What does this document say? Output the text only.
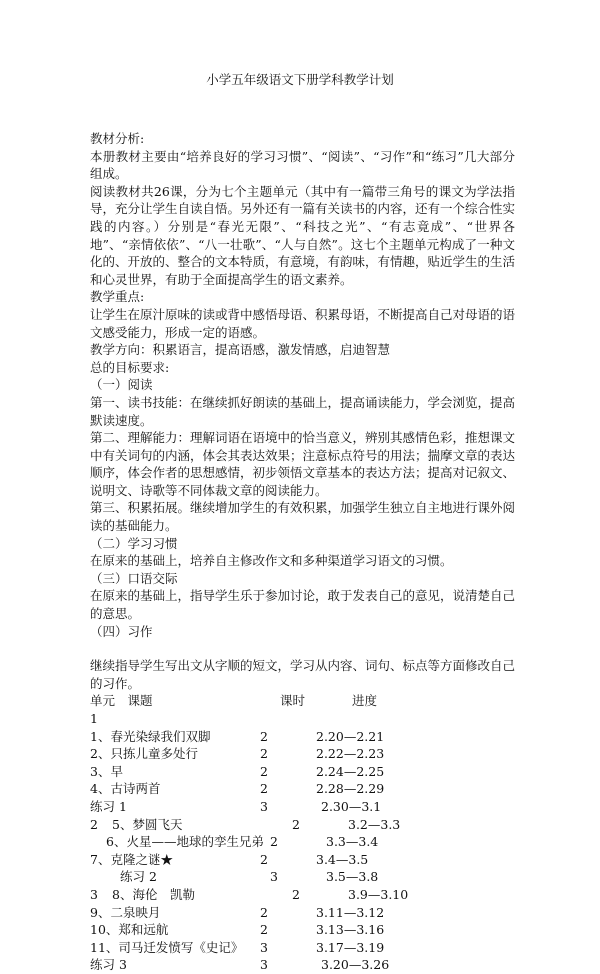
小学五年级语文下册学科教学计划

教材分析:

本册教材主要由“培养良好的学习习惯”、“阅读”、“习作”和“练习”几大部分组成。

阅读教材共26课，分为七个主题单元（其中有一篇带三角号的课文为学法指导，充分让学生自读自悟。另外还有一篇有关读书的内容，还有一个综合性实践的内容。）分别是“春光无限”、“科技之光”、“有志竟成”、“世界各地”、“亲情依依”、“八一壮歌”、“人与自然”。这七个主题单元构成了一种文化的、开放的、整合的文本特质，有意境，有韵味，有情趣，贴近学生的生活和心灵世界，有助于全面提高学生的语文素养。

教学重点:

让学生在原汁原味的读或背中感悟母语、积累母语，不断提高自己对母语的语文感受能力，形成一定的语感。

教学方向：积累语言，提高语感，激发情感，启迪智慧

总的目标要求:

（一）阅读

第一、读书技能：在继续抓好朗读的基础上，提高诵读能力，学会浏览，提高默读速度。

第二、理解能力：理解词语在语境中的恰当意义，辨别其感情色彩，推想课文中有关词句的内涵，体会其表达效果；注意标点符号的用法；揣摩文章的表达顺序，体会作者的思想感情，初步领悟文章基本的表达方法；提高对记叙文、说明文、诗歌等不同体裁文章的阅读能力。

第三、积累拓展。继续增加学生的有效积累，加强学生独立自主地进行课外阅读的基础能力。

（二）学习习惯

在原来的基础上，培养自主修改作文和多种渠道学习语文的习惯。

（三）口语交际

在原来的基础上，指导学生乐于参加讨论，敢于发表自己的意见，说清楚自己的意思。

（四）习作

继续指导学生写出文从字顺的短文，学习从内容、词句、标点等方面修改自己的习作。

单元　课题	课时	进度
1
1、春光染绿我们双脚	2	2.20—2.21
2、只拣儿童多处行	2	2.22—2.23
3、早	2	2.24—2.25
4、古诗两首	2	2.28—2.29
练习 1	3	2.30—3.1
2 5、梦圆飞天	2	3.2—3.3
6、火星——地球的孪生兄弟 2	3.3—3.4
7、克隆之谜★	2	3.4—3.5
练习 2	3	3.5—3.8
3 8、海伦　凯勒	2	3.9—3.10
9、二泉映月	2	3.11—3.12
10、郑和远航	2	3.13—3.16
11、司马迁发愤写《史记》 3	3.17—3.19
练习 3	3	3.20—3.26
